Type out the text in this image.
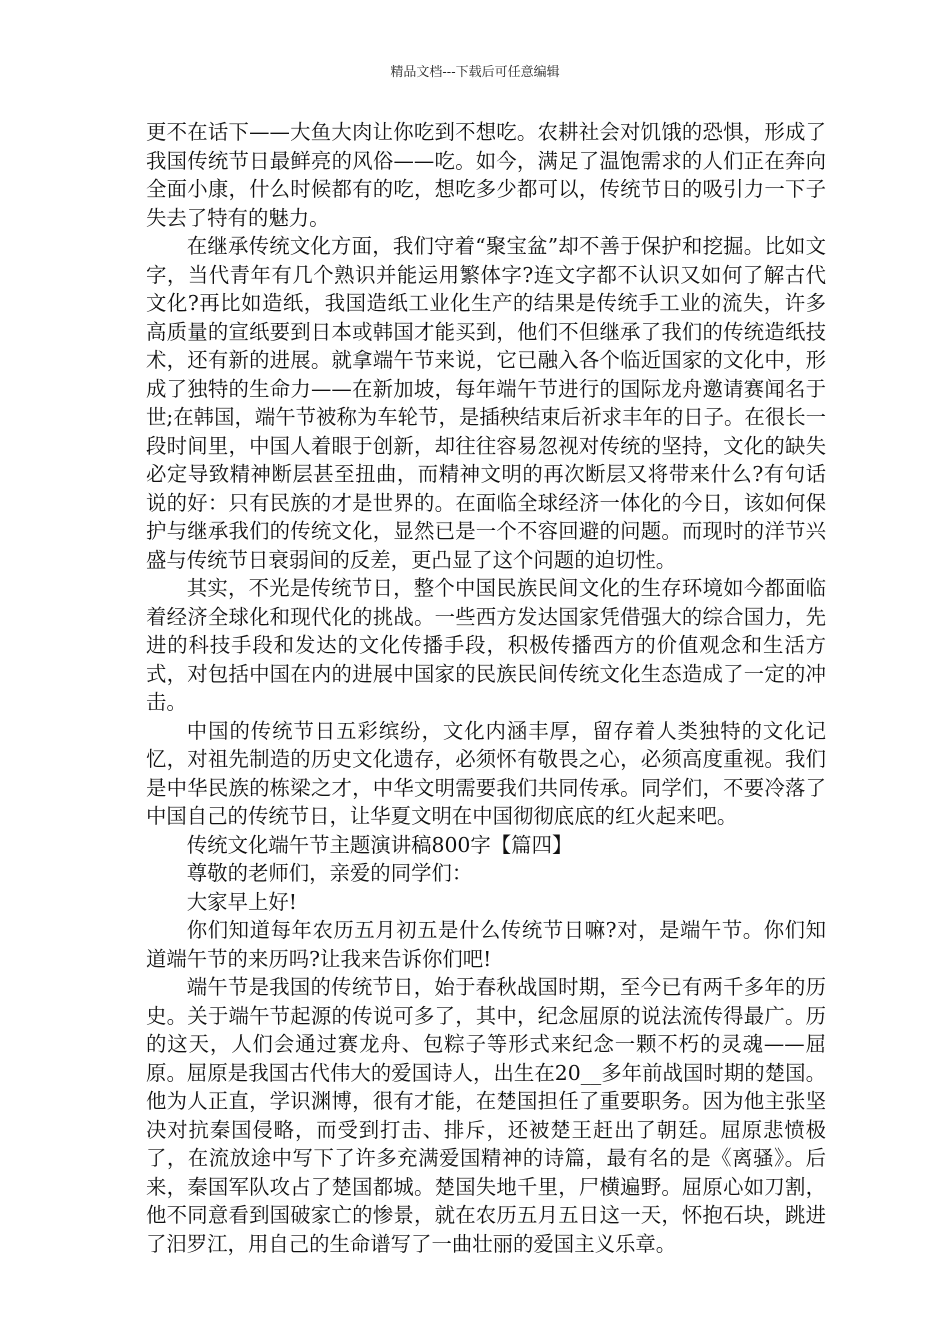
精品文档---下载后可任意编辑

更不在话下——大鱼大肉让你吃到不想吃。农耕社会对饥饿的恐惧，形成了我国传统节日最鲜亮的风俗——吃。如今，满足了温饱需求的人们正在奔向全面小康，什么时候都有的吃，想吃多少都可以，传统节日的吸引力一下子失去了特有的魅力。

在继承传统文化方面，我们守着“聚宝盆”却不善于保护和挖掘。比如文字，当代青年有几个熟识并能运用繁体字?连文字都不认识又如何了解古代文化?再比如造纸，我国造纸工业化生产的结果是传统手工业的流失，许多高质量的宣纸要到日本或韩国才能买到，他们不但继承了我们的传统造纸技术，还有新的进展。就拿端午节来说，它已融入各个临近国家的文化中，形成了独特的生命力——在新加坡，每年端午节进行的国际龙舟邀请赛闻名于世;在韩国，端午节被称为车轮节，是插秧结束后祈求丰年的日子。在很长一段时间里，中国人着眼于创新，却往往容易忽视对传统的坚持，文化的缺失必定导致精神断层甚至扭曲，而精神文明的再次断层又将带来什么?有句话说的好：只有民族的才是世界的。在面临全球经济一体化的今日，该如何保护与继承我们的传统文化，显然已是一个不容回避的问题。而现时的洋节兴盛与传统节日衰弱间的反差，更凸显了这个问题的迫切性。

其实，不光是传统节日，整个中国民族民间文化的生存环境如今都面临着经济全球化和现代化的挑战。一些西方发达国家凭借强大的综合国力，先进的科技手段和发达的文化传播手段，积极传播西方的价值观念和生活方式，对包括中国在内的进展中国家的民族民间传统文化生态造成了一定的冲击。

中国的传统节日五彩缤纷，文化内涵丰厚，留存着人类独特的文化记忆，对祖先制造的历史文化遗存，必须怀有敬畏之心，必须高度重视。我们是中华民族的栋梁之才，中华文明需要我们共同传承。同学们，不要冷落了中国自己的传统节日，让华夏文明在中国彻彻底底的红火起来吧。

传统文化端午节主题演讲稿800字【篇四】

尊敬的老师们，亲爱的同学们：

大家早上好!

你们知道每年农历五月初五是什么传统节日嘛?对，是端午节。你们知道端午节的来历吗?让我来告诉你们吧!

端午节是我国的传统节日，始于春秋战国时期，至今已有两千多年的历史。关于端午节起源的传说可多了，其中，纪念屈原的说法流传得最广。历的这天，人们会通过赛龙舟、包粽子等形式来纪念一颗不朽的灵魂——屈原。屈原是我国古代伟大的爱国诗人，出生在20__多年前战国时期的楚国。他为人正直，学识渊博，很有才能，在楚国担任了重要职务。因为他主张坚决对抗秦国侵略，而受到打击、排斥，还被楚王赶出了朝廷。屈原悲愤极了，在流放途中写下了许多充满爱国精神的诗篇，最有名的是《离骚》。后来，秦国军队攻占了楚国都城。楚国失地千里，尸横遍野。屈原心如刀割，他不同意看到国破家亡的惨景，就在农历五月五日这一天，怀抱石块，跳进了汨罗江，用自己的生命谱写了一曲壮丽的爱国主义乐章。
